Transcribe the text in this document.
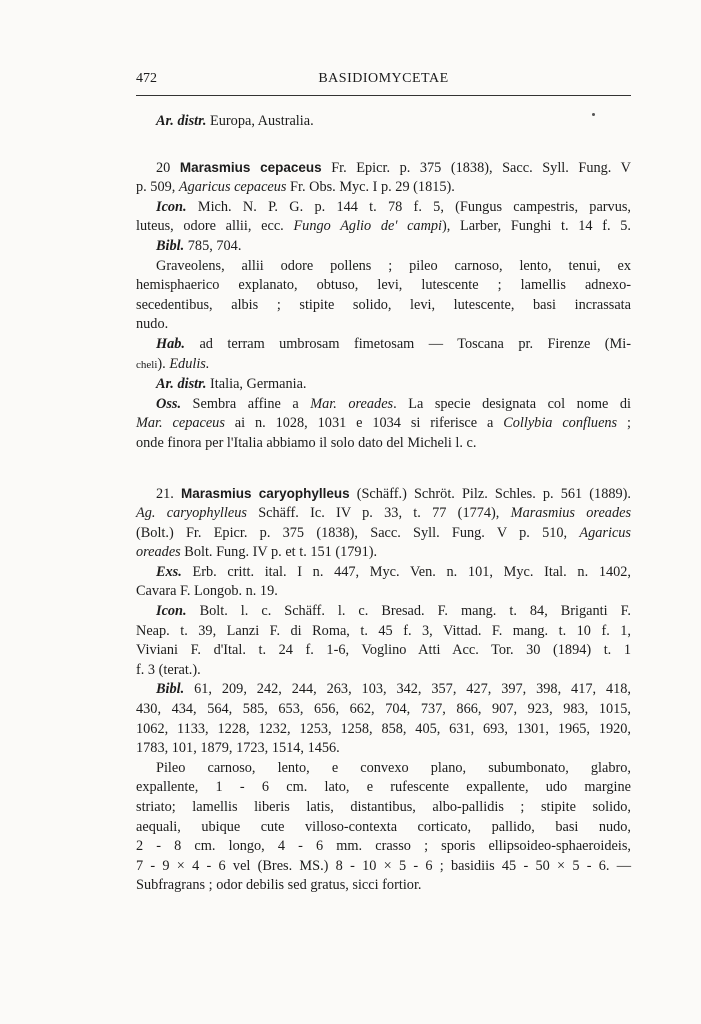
472	BASIDIOMYCETAE
Ar. distr. Europa, Australia.
20 Marasmius cepaceus Fr. Epicr. p. 375 (1838), Sacc. Syll. Fung. V
p. 509, Agaricus cepaceus Fr. Obs. Myc. I p. 29 (1815).
Icon. Mich. N. P. G. p. 144 t. 78 f. 5, (Fungus campestris, parvus,
luteus, odore allii, ecc. Fungo Aglio de' campi), Larber, Funghi t. 14 f. 5.
Bibl. 785, 704.
Graveolens, allii odore pollens ; pileo carnoso, lento, tenui, ex
hemisphaerico explanato, obtuso, levi, lutescente ; lamellis adnexo-
secedentibus, albis ; stipite solido, levi, lutescente, basi incrassata
nudo.
Hab. ad terram umbrosam fimetosam — Toscana pr. Firenze (Mi-
cheli). Edulis.
Ar. distr. Italia, Germania.
Oss. Sembra affine a Mar. oreades. La specie designata col nome di
Mar. cepaceus ai n. 1028, 1031 e 1034 si riferisce a Collybia confluens ;
onde finora per l'Italia abbiamo il solo dato del Micheli l. c.
21. Marasmius caryophylleus (Schäff.) Schröt. Pilz. Schles. p. 561 (1889).
Ag. caryophylleus Schäff. Ic. IV p. 33, t. 77 (1774), Marasmius oreades
(Bolt.) Fr. Epicr. p. 375 (1838), Sacc. Syll. Fung. V p. 510, Agaricus
oreades Bolt. Fung. IV p. et t. 151 (1791).
Exs. Erb. critt. ital. I n. 447, Myc. Ven. n. 101, Myc. Ital. n. 1402,
Cavara F. Longob. n. 19.
Icon. Bolt. l. c. Schäff. l. c. Bresad. F. mang. t. 84, Briganti F.
Neap. t. 39, Lanzi F. di Roma, t. 45 f. 3, Vittad. F. mang. t. 10 f. 1,
Viviani F. d'Ital. t. 24 f. 1-6, Voglino Atti Acc. Tor. 30 (1894) t. 1
f. 3 (terat.).
Bibl. 61, 209, 242, 244, 263, 103, 342, 357, 427, 397, 398, 417, 418,
430, 434, 564, 585, 653, 656, 662, 704, 737, 866, 907, 923, 983, 1015,
1062, 1133, 1228, 1232, 1253, 1258, 858, 405, 631, 693, 1301, 1965, 1920,
1783, 101, 1879, 1723, 1514, 1456.
Pileo carnoso, lento, e convexo plano, subumbonato, glabro,
expallente, 1 - 6 cm. lato, e rufescente expallente, udo margine
striato; lamellis liberis latis, distantibus, albo-pallidis ; stipite solido,
aequali, ubique cute villoso-contexta corticato, pallido, basi nudo,
2 - 8 cm. longo, 4 - 6 mm. crasso ; sporis ellipsoideo-sphaeroideis,
7 - 9 × 4 - 6 vel (Bres. MS.) 8 - 10 × 5 - 6 ; basidiis 45 - 50 × 5 - 6. —
Subfragrans ; odor debilis sed gratus, sicci fortior.
